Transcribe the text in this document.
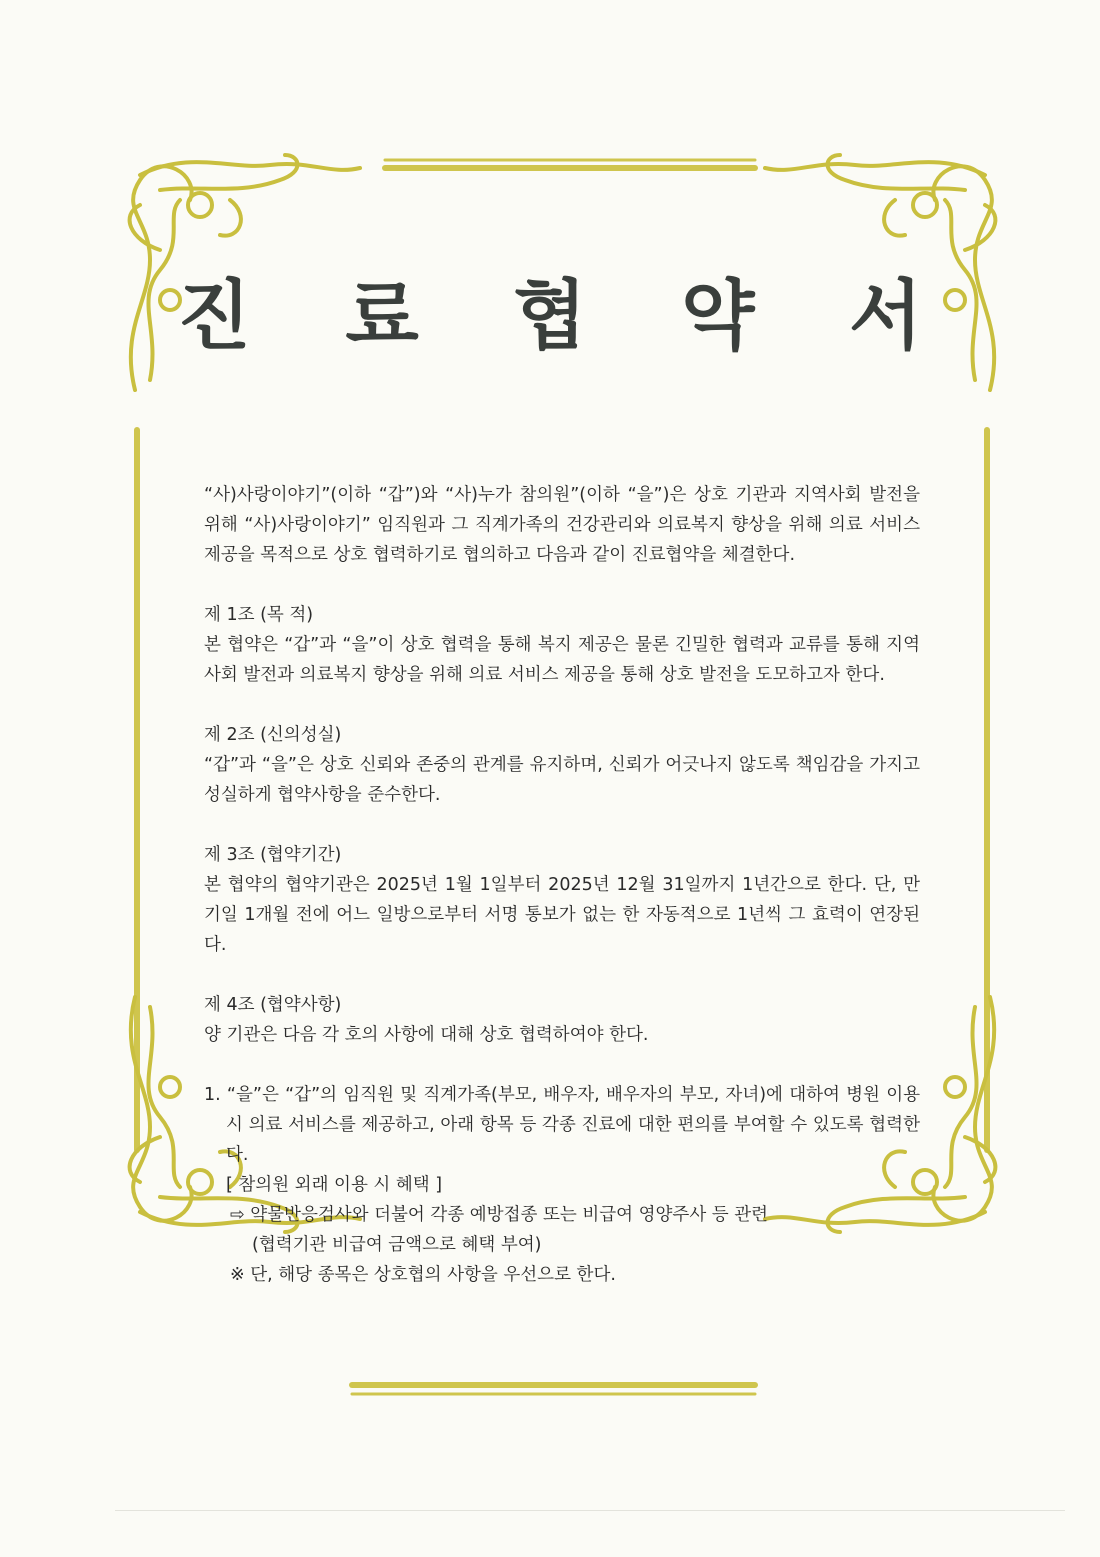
진 료 협 약 서

“사)사랑이야기”(이하 “갑”)와 “사)누가 참의원”(이하 “을”)은 상호 기관과 지역사회 발전을 위해 “사)사랑이야기” 임직원과 그 직계가족의 건강관리와 의료복지 향상을 위해 의료 서비스 제공을 목적으로 상호 협력하기로 협의하고 다음과 같이 진료협약을 체결한다.

제 1조 (목 적)

본 협약은 “갑”과 “을”이 상호 협력을 통해 복지 제공은 물론 긴밀한 협력과 교류를 통해 지역사회 발전과 의료복지 향상을 위해 의료 서비스 제공을 통해 상호 발전을 도모하고자 한다.

제 2조 (신의성실)

“갑”과 “을”은 상호 신뢰와 존중의 관계를 유지하며, 신뢰가 어긋나지 않도록 책임감을 가지고 성실하게 협약사항을 준수한다.

제 3조 (협약기간)

본 협약의 협약기관은 2025년 1월 1일부터 2025년 12월 31일까지 1년간으로 한다. 단, 만기일 1개월 전에 어느 일방으로부터 서명 통보가 없는 한 자동적으로 1년씩 그 효력이 연장된다.

제 4조 (협약사항)

양 기관은 다음 각 호의 사항에 대해 상호 협력하여야 한다.

1. “을”은 “갑”의 임직원 및 직계가족(부모, 배우자, 배우자의 부모, 자녀)에 대하여 병원 이용 시 의료 서비스를 제공하고, 아래 항목 등 각종 진료에 대한 편의를 부여할 수 있도록 협력한다.

[ 참의원 외래 이용 시 혜택 ]

⇨ 약물반응검사와 더불어 각종 예방접종 또는 비급여 영양주사 등 관련

(협력기관 비급여 금액으로 혜택 부여)

※ 단, 해당 종목은 상호협의 사항을 우선으로 한다.
